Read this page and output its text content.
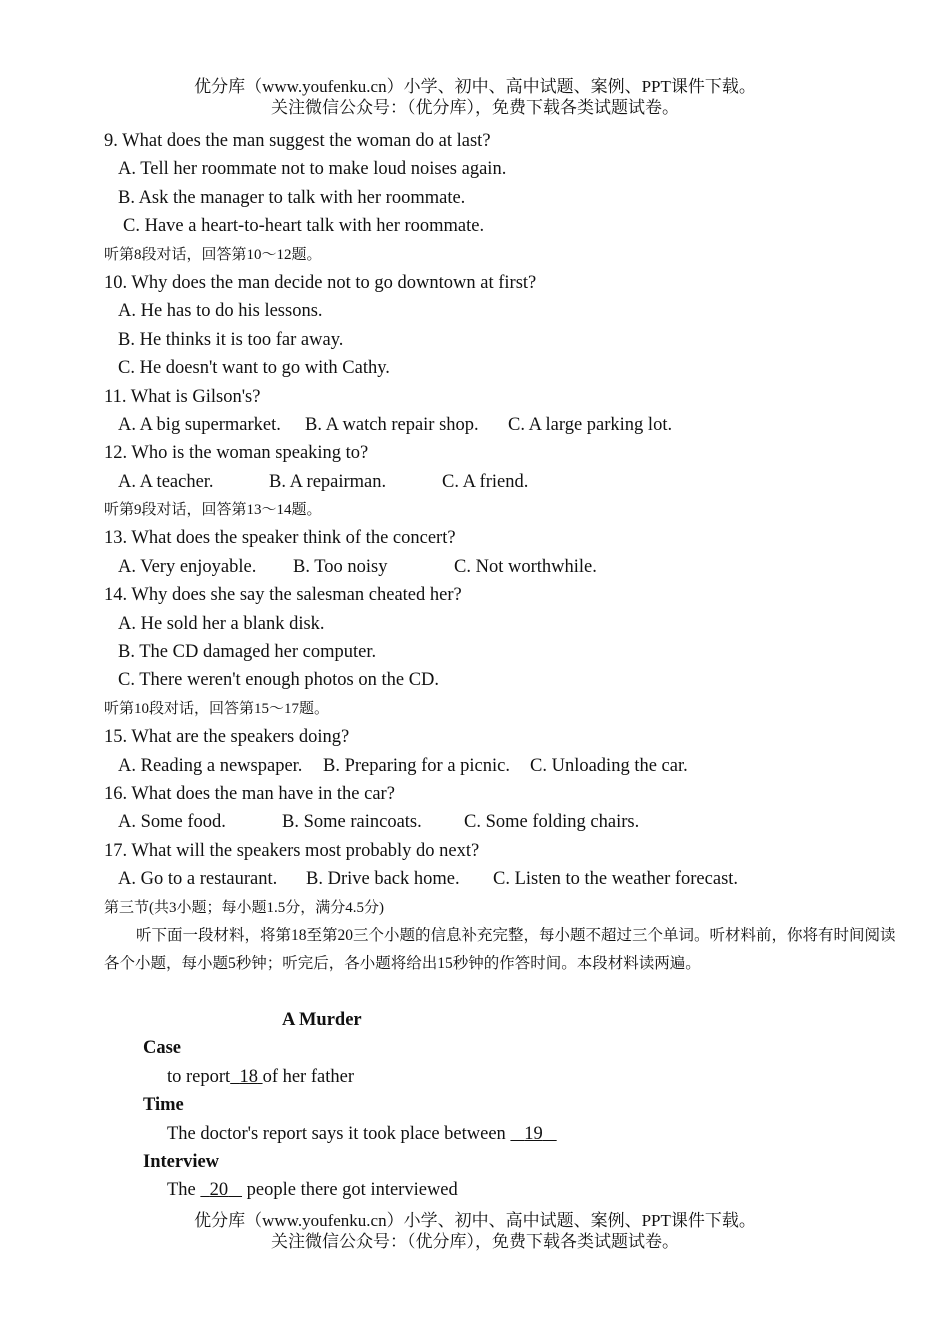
优分库（www.youfenku.cn）小学、初中、高中试题、案例、PPT课件下载。
关注微信公众号：（优分库），免费下载各类试题试卷。
9. What does the man suggest the woman do at last?
A. Tell her roommate not to make loud noises again.
B. Ask the manager to talk with her roommate.
C. Have a heart-to-heart talk with her roommate.
听第8段对话，回答第10～12题。
10. Why does the man decide not to go downtown at first?
A. He has to do his lessons.
B. He thinks it is too far away.
C. He doesn't want to go with Cathy.
11. What is Gilson's?
A. A big supermarket. B. A watch repair shop. C. A large parking lot.
12. Who is the woman speaking to?
A. A teacher.	B. A repairman.	C. A friend.
听第9段对话，回答第13～14题。
13. What does the speaker think of the concert?
A. Very enjoyable. B. Too noisy	C. Not worthwhile.
14. Why does she say the salesman cheated her?
A. He sold her a blank disk.
B. The CD damaged her computer.
C. There weren't enough photos on the CD.
听第10段对话，回答第15～17题。
15. What are the speakers doing?
A. Reading a newspaper. B. Preparing for a picnic. C. Unloading the car.
16. What does the man have in the car?
A. Some food.	B. Some raincoats. C. Some folding chairs.
17. What will the speakers most probably do next?
A. Go to a restaurant. B. Drive back home. C. Listen to the weather forecast.
第三节(共3小题；每小题1.5分，满分4.5分)
听下面一段材料，将第18至第20三个小题的信息补充完整，每小题不超过三个单词。听材料前，你将有时间阅读各个小题，每小题5秒钟；听完后，各小题将给出15秒钟的作答时间。本段材料读两遍。
A Murder
Case
to report 18 of her father
Time
The doctor's report says it took place between 19
Interview
The 20 people there got interviewed
优分库（www.youfenku.cn）小学、初中、高中试题、案例、PPT课件下载。
关注微信公众号：（优分库），免费下载各类试题试卷。
